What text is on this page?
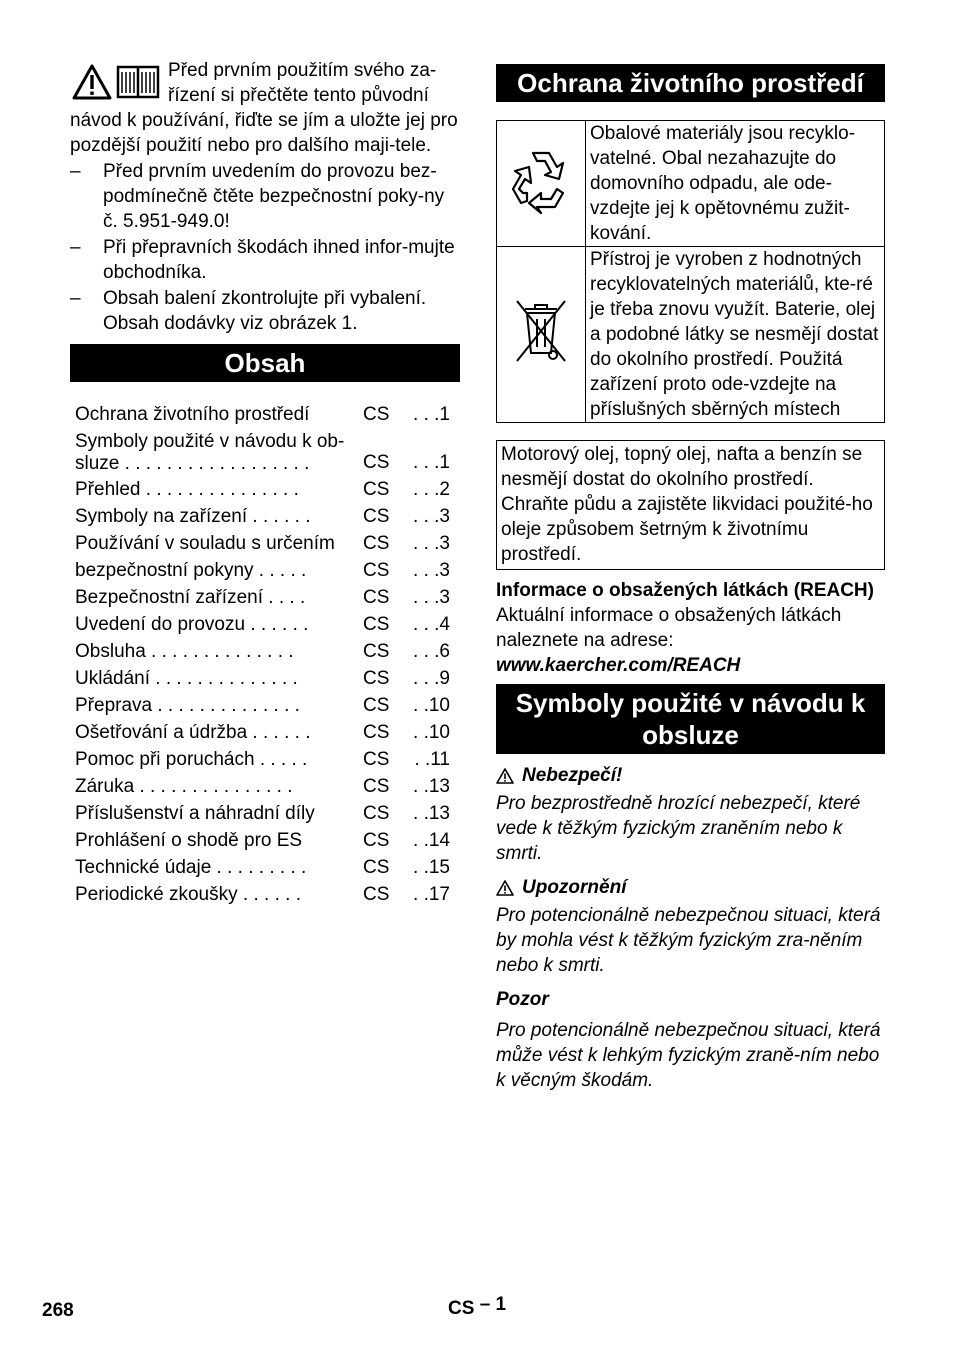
Před prvním použitím svého za-
řízení si přečtěte tento původní
návod k používání, řiďte se jím a uložte jej pro pozdější použití nebo pro dalšího maji-tele.
– Před prvním uvedením do provozu bez-podmínečně čtěte bezpečnostní poky-ny č. 5.951-949.0!
– Při přepravních škodách ihned infor-mujte obchodníka.
– Obsah balení zkontrolujte při vybalení. Obsah dodávky viz obrázek 1.
Obsah
Ochrana životního prostředí	CS	. . .1
Symboly použité v návodu k ob-sluze . . . . . . . . . . . . . . . . . .	CS	. . .1
Přehled . . . . . . . . . . . . . . .	CS	. . .2
Symboly na zařízení . . . . . .	CS	. . .3
Používání v souladu s určením	CS	. . .3
bezpečnostní pokyny . . . . .	CS	. . .3
Bezpečnostní zařízení . . . .	CS	. . .3
Uvedení do provozu . . . . . .	CS	. . .4
Obsluha . . . . . . . . . . . . . .	CS	. . .6
Ukládání . . . . . . . . . . . . . .	CS	. . .9
Přeprava . . . . . . . . . . . . . .	CS	. .10
Ošetřování a údržba . . . . . .	CS	. .10
Pomoc při poruchách . . . . .	CS	. .11
Záruka . . . . . . . . . . . . . . .	CS	. .13
Příslušenství a náhradní díly	CS	. .13
Prohlášení o shodě pro ES	CS	. .14
Technické údaje . . . . . . . . .	CS	. .15
Periodické zkoušky . . . . . .	CS	. .17
Ochrana životního prostředí
	Obalové materiály jsou recyklo-vatelné. Obal nezahazujte do domovního odpadu, ale ode-vzdejte jej k opětovnému zužit-kování.
	Přístroj je vyroben z hodnotných recyklovatelných materiálů, kte-ré je třeba znovu využít. Baterie, olej a podobné látky se nesmějí dostat do okolního prostředí. Použitá zařízení proto ode-vzdejte na příslušných sběrných místech
Motorový olej, topný olej, nafta a benzín se nesmějí dostat do okolního prostředí. Chraňte půdu a zajistěte likvidaci použité-ho oleje způsobem šetrným k životnímu prostředí.
Informace o obsažených látkách (REACH)
Aktuální informace o obsažených látkách naleznete na adrese:
www.kaercher.com/REACH
Symboly použité v návodu k obsluze
Nebezpečí!
Pro bezprostředně hrozící nebezpečí, které vede k těžkým fyzickým zraněním nebo k smrti.
Upozornění
Pro potencionálně nebezpečnou situaci, která by mohla vést k těžkým fyzickým zra-něním nebo k smrti.
Pozor
Pro potencionálně nebezpečnou situaci, která může vést k lehkým fyzickým zraně-ním nebo k věcným škodám.
268	CS – 1
